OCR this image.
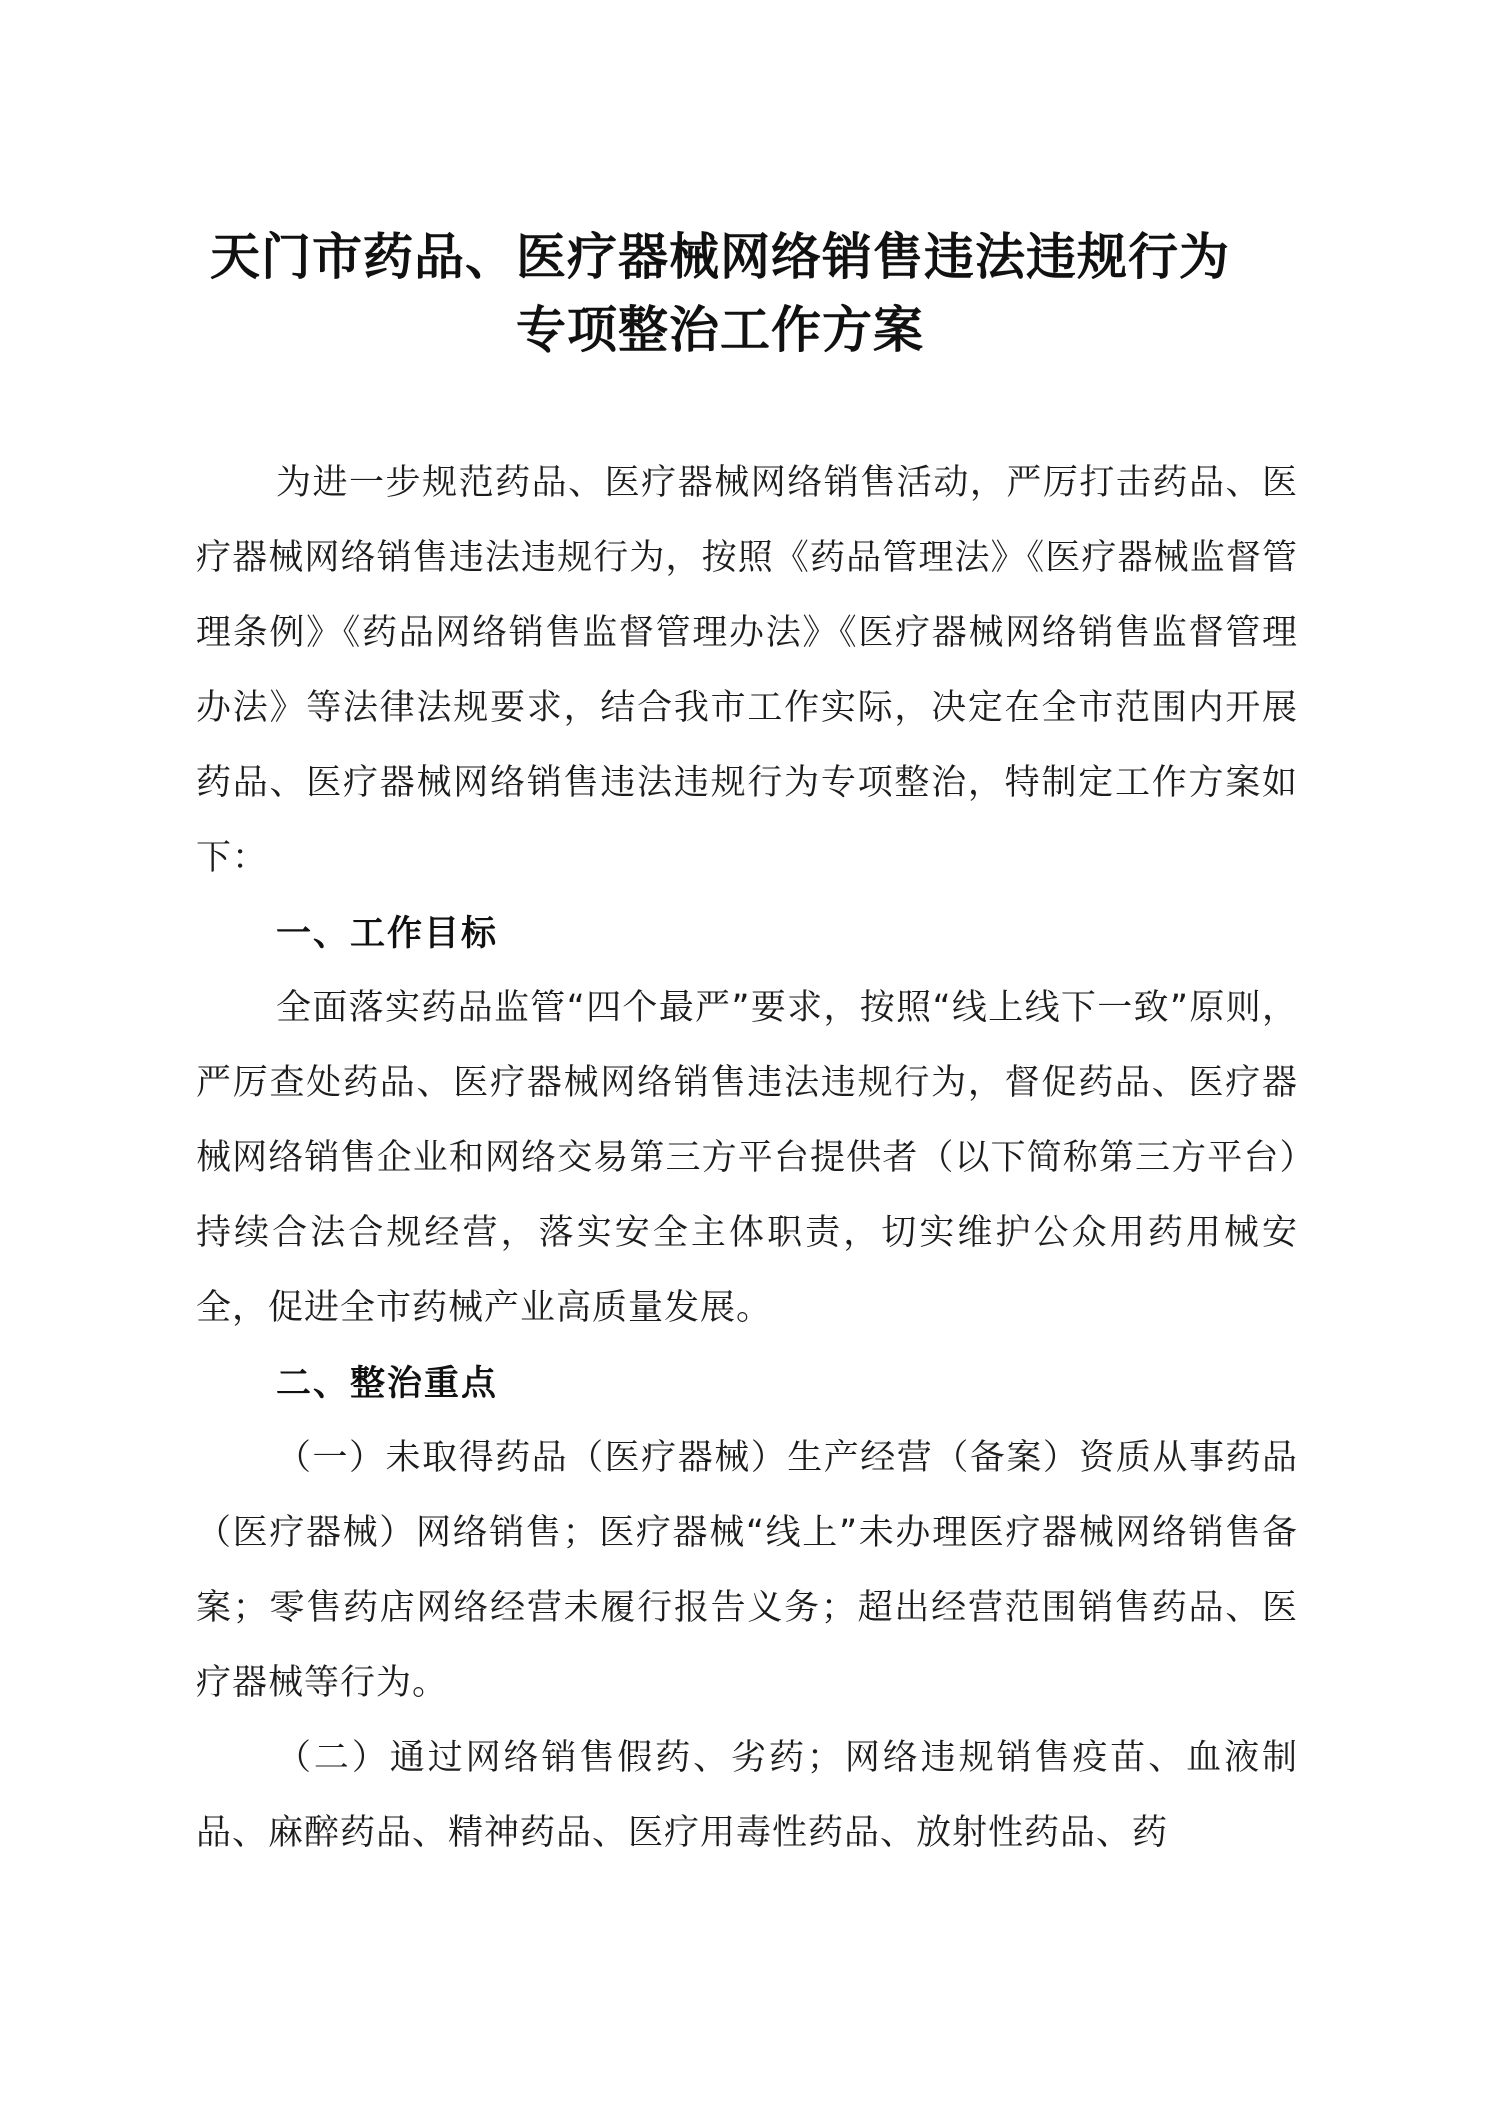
天门市药品、医疗器械网络销售违法违规行为
专项整治工作方案

为进一步规范药品、医疗器械网络销售活动，严厉打击药品、医疗器械网络销售违法违规行为，按照《药品管理法》《医疗器械监督管理条例》《药品网络销售监督管理办法》《医疗器械网络销售监督管理办法》等法律法规要求，结合我市工作实际，决定在全市范围内开展药品、医疗器械网络销售违法违规行为专项整治，特制定工作方案如下：

一、工作目标

全面落实药品监管“四个最严”要求，按照“线上线下一致”原则，严厉查处药品、医疗器械网络销售违法违规行为，督促药品、医疗器械网络销售企业和网络交易第三方平台提供者（以下简称第三方平台）持续合法合规经营，落实安全主体职责，切实维护公众用药用械安全，促进全市药械产业高质量发展。

二、整治重点

（一）未取得药品（医疗器械）生产经营（备案）资质从事药品（医疗器械）网络销售；医疗器械“线上”未办理医疗器械网络销售备案；零售药店网络经营未履行报告义务；超出经营范围销售药品、医疗器械等行为。

（二）通过网络销售假药、劣药；网络违规销售疫苗、血液制品、麻醉药品、精神药品、医疗用毒性药品、放射性药品、药
